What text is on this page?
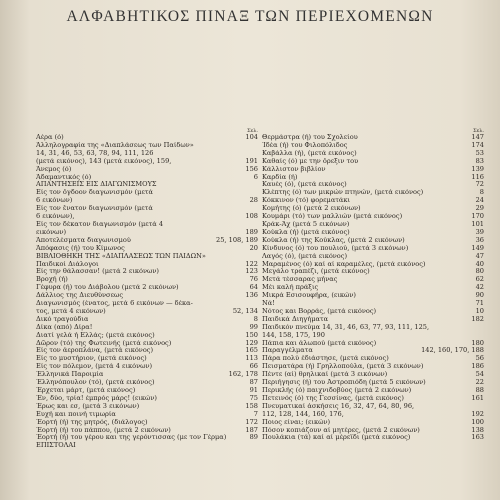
ΑΛΦΑΒΗΤΙΚΟΣ ΠΙΝΑΞ ΤΩΝ ΠΕΡΙΕΧΟΜΕΝΩΝ
Σελ.
Αέρα (ό)	104
Άλληλογραφία της «Διαπλάσεως των Παίδων»
14, 31, 46, 53, 63, 78, 94, 111, 126
(μετά εικόνος), 143 (μετά εικόνος), 159,	191
Άνεμος (ό)	156
Άδαμαντικός (ό)	6
ΑΠΑΝΤΗΣΕΙΣ ΕΙΣ ΔΙΑΓΩΝΙΣΜΟΥΣ
Είς τον ὄγδοον διαγωνισμόν (μετά
6 εικόνων)	28
Είς τον ἔνατον διαγωνισμόν (μετά
6 εικόνων),	108
Είς τον δέκατον διαγωνισμόν (μετά 4
εικόνων)	189
Άποτελέσματα διαγωνισμού	25, 108, 189
Άπόφασις (ή) του Κίμωνος	20
ΒΙΒΛΙΟΘΗΚΗ ΤΗΣ «ΔΙΑΠΛΑΣΕΩΣ ΤΩΝ ΠΑΙΔΩΝ»
Παιδικοί Διάλογοι	122
Είς την θάλασσαν! (μετά 2 εικόνων)	123
Βροχή (ή)	76
Γέφυρα (ή) του Διάβολου (μετά 2 εικόνων)	64
Δάλλιος της Διευθύνσεως	136
Διαγωνισμός (ένατος, μετά 6 εικόνων — δέκα-
τος, μετά 4 εικόνων)	52, 134
Δικό τραγούδια	8
Δίκα (από) Δίρα!	99
Διατί γελά ή Ελλάς; (μετά εικόνος)	150
Δῶρον (τό) της Φωτεινής (μετά εικόνος)	129
Είς τον ἀεροπλάνα, (μετά εικόνος)	165
Είς το μυστήριον, (μετά εικόνος)	113
Είς τον πόλεμον, (μετά 4 εικόνων)	66
Έλληνικά Παροιμία	162, 178
Έλληνόπουλον (τό), (μετά εικόνος)	87
Έρχεται μάρτ, (μετά εικόνος)	91
Έν, δύο, τρία! έμπρός μάρς! (εικών)	75
Έρως και εσ, (μετά 3 εικόνων)	158
Ευχή και ποινή τιμωρία	7
Έορτή (ή) της μητρός, (διάλογος)	172
Έορτή (ή) του πάππου, (μετά 2 εικόνων)	187
Έορτή (ή) του γέρου και της γερόντισσας (με τον Γέρμα)	89
ΕΠΙΣΤΟΛΑΙ
Σελ.
Θερμάστρα (ή) του Σχολείου	147
Ίδέα (ή) του Φιλοπόλιδος	174
Καβάλλα (ή), (μετά εικόνος)	53
Καθαίς (ό) με την ὄρεξιν του	83
Κάλλιστον βιβλίον	139
Καρδία (ή)	116
Καυές (ό), (μετά εικόνος)	72
Κλέπτης (ό) των μικρών πτηνών, (μετά εικόνος)	8
Κόκκινον (τό) φορεματάκι	24
Κομήτης (ό) (μετά 2 εικόνων)	29
Κουμάρι (τό) των μαλλιών (μετά εικόνος)	170
Κράκ-Άχ (μετά 5 εικόνων)	101
Κούκλα (ή) (μετά εικόνος)	39
Κούκλα (ή) της Κούκλας, (μετά 2 εικόνων)	36
Κίνδυνος (ό) του πουλιού, (μετά 3 εικόνων)	149
Λαγός (ό), (μετά εικόνος)	47
Μαραμένος (ό) καί αί καραμέλες, (μετά εικόνος)	40
Μεγάλο τραπέζι, (μετά εικόνος)	80
Μετά τέσσαρας μήνας	62
Μέι καλή πράξις	42
Μικρά Εσισουφήρα, (εικών)	90
Νά!	71
Νότος και Βορράς, (μετά εικόνος)	10
Παιδικά Διηγήματα	182
Παιδικόν πνεύμα 14, 31, 46, 63, 77, 93, 111, 125,
144, 158, 175, 190
Πάπια και ἀλωπού (μετά εικόνος)	180
Παραγγέλματα	142, 160, 170, 188
Πάρα πολύ ἐδιάστησε, (μετά εικόνος)	56
Πεισματάρα (ή) Γρηλλοπούλα, (μετά 3 εικόνων)	186
Πέντε (αί) θρηλικαί (μετά 3 εικόνων)	54
Περιήγησις (ή) του Ἀστροπιόδη (μετά 5 εικόνων)	22
Περικλής (ό) παιχνιδοβύος (μετά 2 εικόνων)	88
Πετεινός (ό) της Γεσσίνας, (μετά εικόνος)	161
Πνευματικαί ἀσκήσεις 16, 32, 47, 64, 80, 96,
112, 128, 144, 160, 176,	192
Ποιος είναι; (εικών)	100
Πόσον κοπιάζουν αί μητέρες, (μετά 2 εικόνων)	138
Πουλάκια (τά) καί αί μέρεϊδι (μετά εικόνος)	163
